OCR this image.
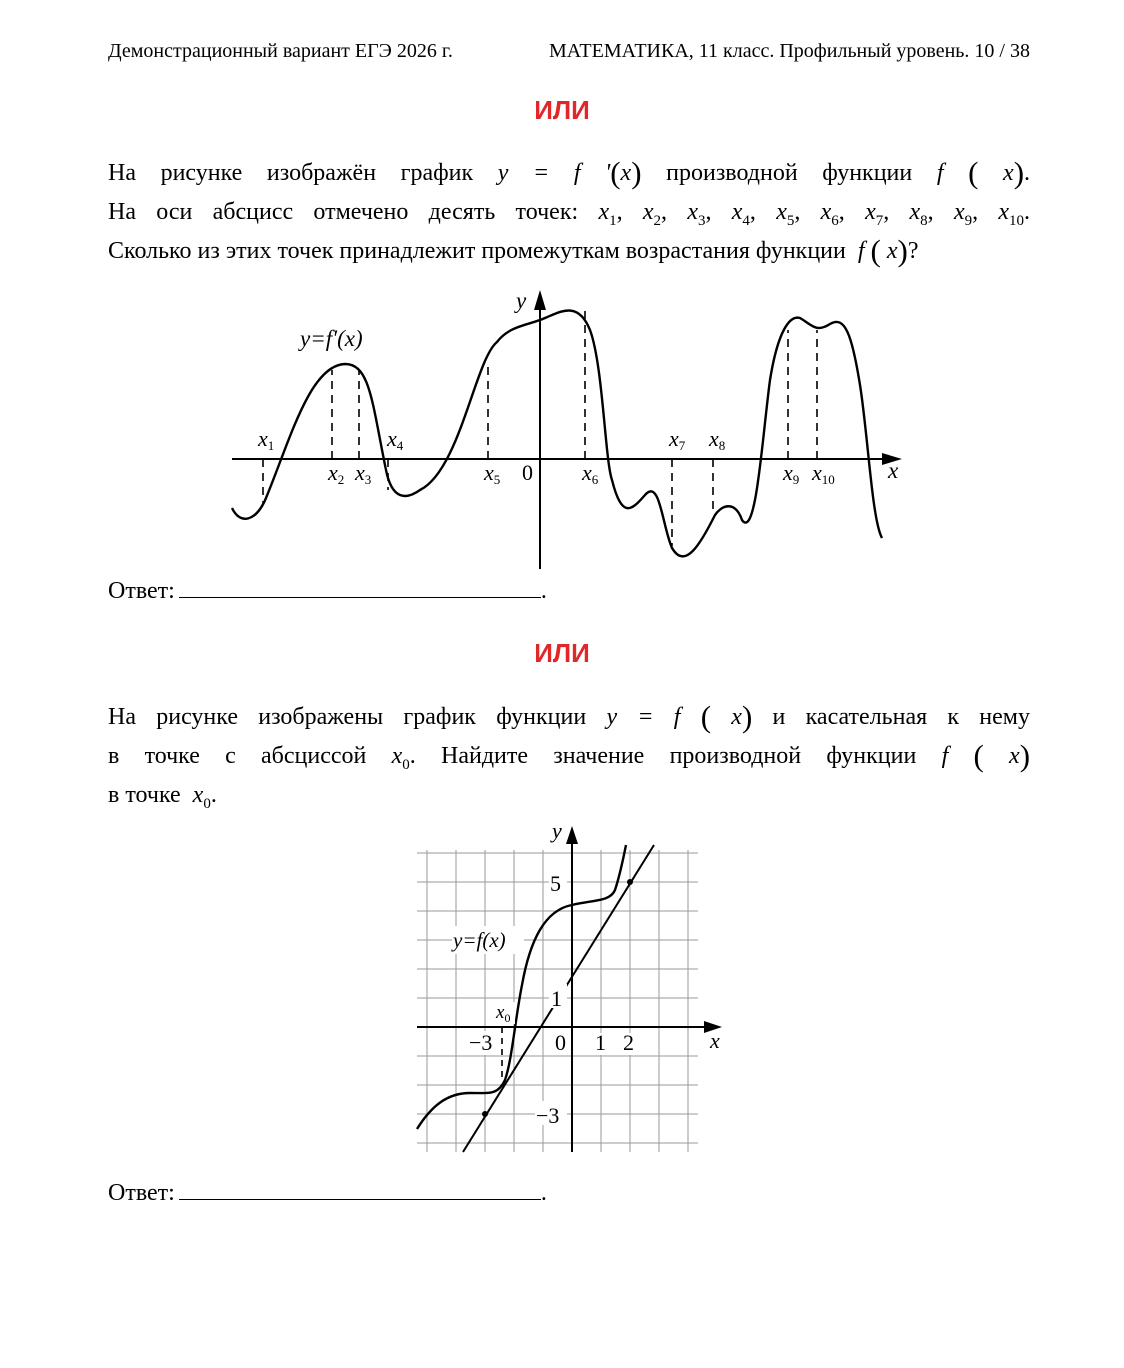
Демонстрационный вариант ЕГЭ 2026 г.	МАТЕМАТИКА, 11 класс. Профильный уровень. 10 / 38
ИЛИ
На рисунке изображён график y = f '(x) производной функции f ( x).
На оси абсцисс отмечено десять точек: $x_1$, $x_2$, $x_3$, $x_4$, $x_5$, $x_6$, $x_7$, $x_8$, $x_9$, $x_{10}$.
Сколько из этих точек принадлежит промежуткам возрастания функции  f ( x)?
y=f′(x)
y
x
0
x1
x2 x3
x4
x5	x6
x7 x8
x9 x10
Ответ:	.
ИЛИ
На рисунке изображены график функции y = f ( x) и касательная к нему
в точке с абсциссой $x_0$. Найдите значение производной функции f ( x)
в точке  $x_0$.
y=f(x)
y
x
5
1
−3
−3	0 1 2
$x_0$
Ответ:	.
